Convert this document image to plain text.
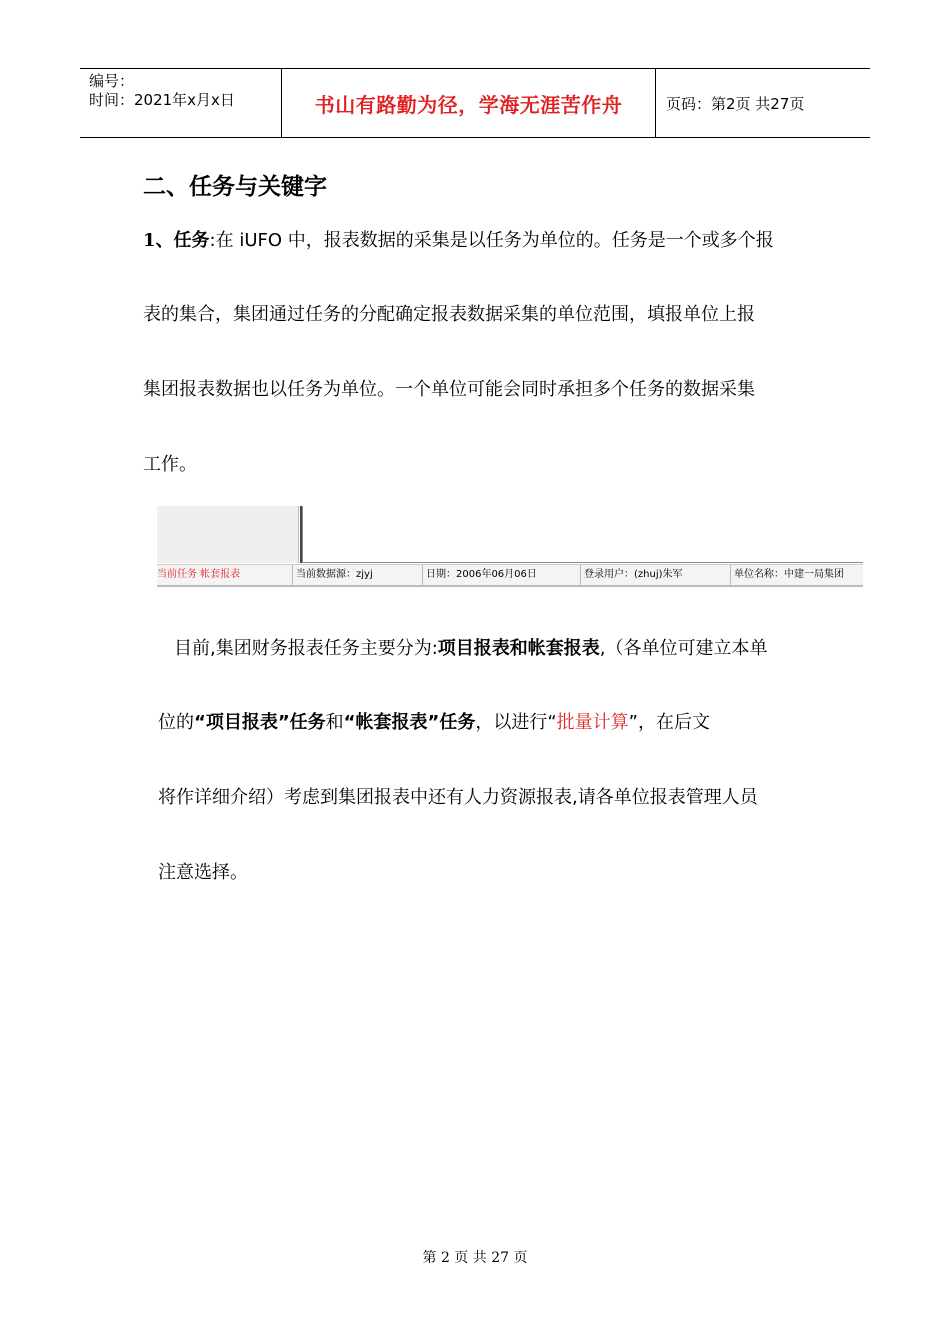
编号：
时间：2021年x月x日	书山有路勤为径，学海无涯苦作舟	页码：第2页 共27页
二、任务与关键字
1、任务:在 iUFO 中，报表数据的采集是以任务为单位的。任务是一个或多个报
表的集合，集团通过任务的分配确定报表数据采集的单位范围，填报单位上报
集团报表数据也以任务为单位。一个单位可能会同时承担多个任务的数据采集
工作。
当前任务 帐套报表	当前数据源：zjyj	日期：2006年06月06日	登录用户：(zhuj)朱军	单位名称：中建一局集团
目前,集团财务报表任务主要分为:项目报表和帐套报表,（各单位可建立本单
位的“项目报表”任务和“帐套报表”任务，以进行“批量计算”，在后文
将作详细介绍）考虑到集团报表中还有人力资源报表,请各单位报表管理人员
注意选择。
第 2 页 共 27 页
